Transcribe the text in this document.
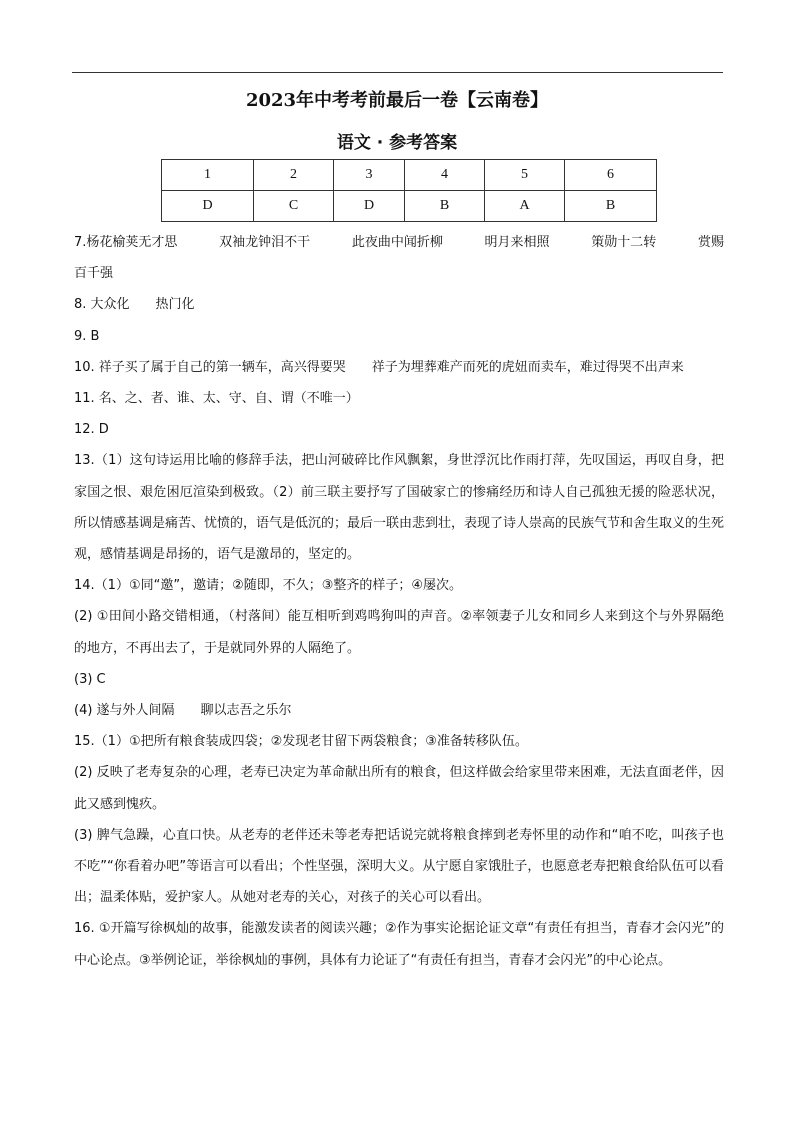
2023年中考考前最后一卷【云南卷】
语文 · 参考答案
1	2	3	4	5	6
D	C	D	B	A	B
7.杨花榆荚无才思	双袖龙钟泪不干	此夜曲中闻折柳	明月来相照	策勋十二转	赏赐

百千强

8. 大众化　　热门化

9. B

10. 祥子买了属于自己的第一辆车，高兴得要哭　　祥子为埋葬难产而死的虎妞而卖车，难过得哭不出声来

11. 名、之、者、谁、太、守、自、谓（不唯一）

12. D

13.（1）这句诗运用比喻的修辞手法，把山河破碎比作风飘絮，身世浮沉比作雨打萍，先叹国运，再叹自身，把家国之恨、艰危困厄渲染到极致。（2）前三联主要抒写了国破家亡的惨痛经历和诗人自己孤独无援的险恶状况，所以情感基调是痛苦、忧愤的，语气是低沉的；最后一联由悲到壮，表现了诗人崇高的民族气节和舍生取义的生死观，感情基调是昂扬的，语气是激昂的，坚定的。

14.（1）①同“邀”，邀请；②随即，不久；③整齐的样子；④屡次。

(2) ①田间小路交错相通，（村落间）能互相听到鸡鸣狗叫的声音。②率领妻子儿女和同乡人来到这个与外界隔绝的地方，不再出去了，于是就同外界的人隔绝了。

(3) C

(4) 遂与外人间隔　　聊以志吾之乐尔

15.（1）①把所有粮食装成四袋；②发现老甘留下两袋粮食；③准备转移队伍。

(2) 反映了老寿复杂的心理，老寿已决定为革命献出所有的粮食，但这样做会给家里带来困难，无法直面老伴，因此又感到愧疚。

(3) 脾气急躁，心直口快。从老寿的老伴还未等老寿把话说完就将粮食摔到老寿怀里的动作和“咱不吃，叫孩子也不吃”“你看着办吧”等语言可以看出；个性坚强，深明大义。从宁愿自家饿肚子，也愿意老寿把粮食给队伍可以看出；温柔体贴，爱护家人。从她对老寿的关心，对孩子的关心可以看出。

16. ①开篇写徐枫灿的故事，能激发读者的阅读兴趣；②作为事实论据论证文章“有责任有担当，青春才会闪光”的中心论点。③举例论证，举徐枫灿的事例，具体有力论证了“有责任有担当，青春才会闪光”的中心论点。
